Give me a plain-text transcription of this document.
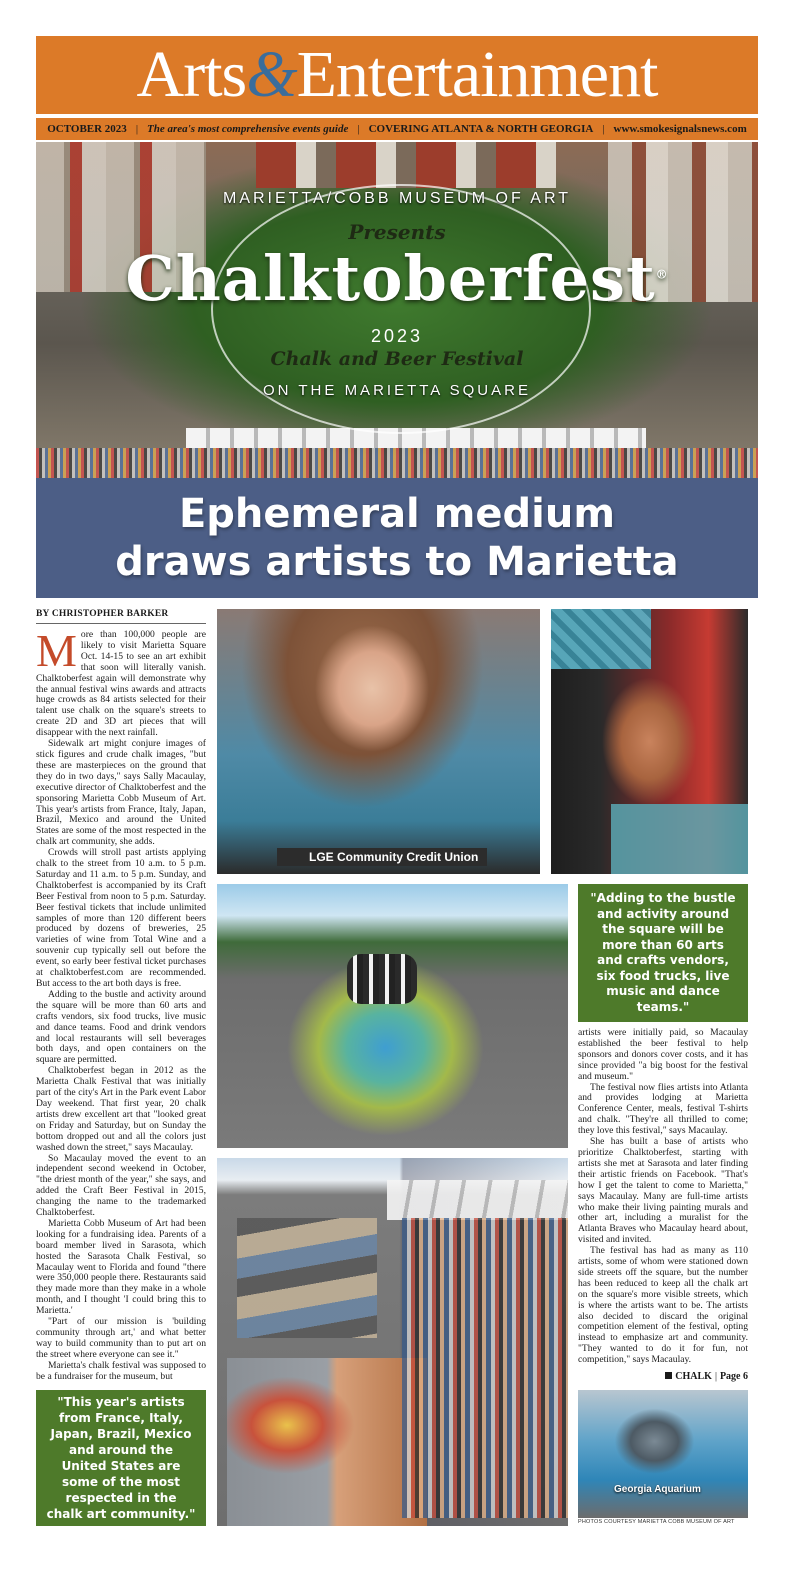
Arts&Entertainment
OCTOBER 2023 | The area's most comprehensive events guide | COVERING ATLANTA & NORTH GEORGIA | www.smokesignalsnews.com
MARIETTA/COBB MUSEUM OF ART
Presents
Chalktoberfest®
2023
Chalk and Beer Festival
ON THE MARIETTA SQUARE
Ephemeral medium
draws artists to Marietta
BY CHRISTOPHER BARKER

More than 100,000 people are likely to visit Marietta Square Oct. 14-15 to see an art exhibit that soon will literally vanish. Chalktoberfest again will demonstrate why the annual festival wins awards and attracts huge crowds as 84 artists selected for their talent use chalk on the square's streets to create 2D and 3D art pieces that will disappear with the next rainfall.

Sidewalk art might conjure images of stick figures and crude chalk images, "but these are masterpieces on the ground that they do in two days," says Sally Macaulay, executive director of Chalktoberfest and the sponsoring Marietta Cobb Museum of Art. This year's artists from France, Italy, Japan, Brazil, Mexico and around the United States are some of the most respected in the chalk art community, she adds.

Crowds will stroll past artists applying chalk to the street from 10 a.m. to 5 p.m. Saturday and 11 a.m. to 5 p.m. Sunday, and Chalktoberfest is accompanied by its Craft Beer Festival from noon to 5 p.m. Saturday. Beer festival tickets that include unlimited samples of more than 120 different beers produced by dozens of breweries, 25 varieties of wine from Total Wine and a souvenir cup typically sell out before the event, so early beer festival ticket purchases at chalktoberfest.com are recommended. But access to the art both days is free.

Adding to the bustle and activity around the square will be more than 60 arts and crafts vendors, six food trucks, live music and dance teams. Food and drink vendors and local restaurants will sell beverages both days, and open containers on the square are permitted.

Chalktoberfest began in 2012 as the Marietta Chalk Festival that was initially part of the city's Art in the Park event Labor Day weekend. That first year, 20 chalk artists drew excellent art that "looked great on Friday and Saturday, but on Sunday the bottom dropped out and all the colors just washed down the street," says Macaulay.

So Macaulay moved the event to an independent second weekend in October, "the driest month of the year," she says, and added the Craft Beer Festival in 2015, changing the name to the trademarked Chalktoberfest.

Marietta Cobb Museum of Art had been looking for a fundraising idea. Parents of a board member lived in Sarasota, which hosted the Sarasota Chalk Festival, so Macaulay went to Florida and found "there were 350,000 people there. Restaurants said they made more than they make in a whole month, and I thought 'I could bring this to Marietta.'

"Part of our mission is 'building community through art,' and what better way to build community than to put art on the street where everyone can see it."

Marietta's chalk festival was supposed to be a fundraiser for the museum, but

LGE Community Credit Union
Georgia Aquarium
PHOTOS COURTESY MARIETTA COBB MUSEUM OF ART
"Adding to the bustle and activity around the square will be more than 60 arts and crafts vendors, six food trucks, live music and dance teams."
"This year's artists from France, Italy, Japan, Brazil, Mexico and around the United States are some of the most respected in the chalk art community."

artists were initially paid, so Macaulay established the beer festival to help sponsors and donors cover costs, and it has since provided "a big boost for the festival and museum."

The festival now flies artists into Atlanta and provides lodging at Marietta Conference Center, meals, festival T-shirts and chalk. "They're all thrilled to come; they love this festival," says Macaulay.

She has built a base of artists who prioritize Chalktoberfest, starting with artists she met at Sarasota and later finding their artistic friends on Facebook. "That's how I get the talent to come to Marietta," says Macaulay. Many are full-time artists who make their living painting murals and other art, including a muralist for the Atlanta Braves who Macaulay heard about, visited and invited.

The festival has had as many as 110 artists, some of whom were stationed down side streets off the square, but the number has been reduced to keep all the chalk art on the square's more visible streets, which is where the artists want to be. The artists also decided to discard the original competition element of the festival, opting instead to emphasize art and community. "They wanted to do it for fun, not competition," says Macaulay.

CHALK | Page 6
